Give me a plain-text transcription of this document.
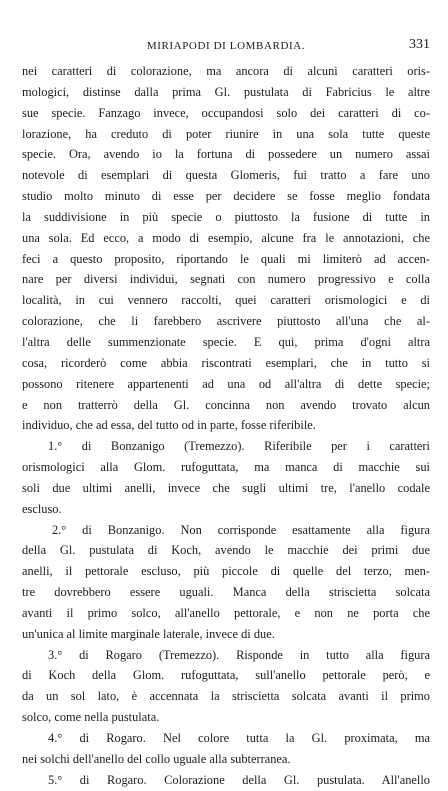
MIRIAPODI DI LOMBARDIA.	331
nei caratteri di colorazione, ma ancora di alcuni caratteri oris-
mologici, distinse dalla prima Gl. pustulata di Fabricius le altre
sue specie. Fanzago invece, occupandosi solo dei caratteri di co-
lorazione, ha creduto di poter riunire in una sola tutte queste
specie. Ora, avendo io la fortuna di possedere un numero assai
notevole di esemplari di questa Glomeris, fui tratto a fare uno
studio molto minuto di esse per decidere se fosse meglio fondata
la suddivisione in più specie o piuttosto la fusione di tutte in
una sola. Ed ecco, a modo di esempio, alcune fra le annotazioni, che
feci a questo proposito, riportando le quali mi limiterò ad accen-
nare per diversi individui, segnati con numero progressivo e colla
località, in cui vennero raccolti, quei caratteri orismologici e di
colorazione, che li farebbero ascrivere piuttosto all'una che al-
l'altra delle summenzionate specie. E qui, prima d'ogni altra
cosa, ricorderò come abbia riscontrati esemplari, che in tutto si
possono ritenere appartenenti ad una od all'altra di dette specie;
e non tratterrò della Gl. concinna non avendo trovato alcun
individuo, che ad essa, del tutto od in parte, fosse riferibile.
1.° di Bonzanigo (Tremezzo). Riferibile per i caratteri
orismologici alla Glom. rufoguttata, ma manca di macchie sui
soli due ultimi anelli, invece che sugli ultimi tre, l'anello codale
escluso.
2.° di Bonzanigo. Non corrisponde esattamente alla figura
della Gl. pustulata di Koch, avendo le macchie dei primi due
anelli, il pettorale escluso, più piccole di quelle del terzo, men-
tre dovrebbero essere uguali. Manca della striscietta solcata
avanti il primo solco, all'anello pettorale, e non ne porta che
un'unica al limite marginale laterale, invece di due.
3.° di Rogaro (Tremezzo). Risponde in tutto alla figura
di Koch della Glom. rufoguttata, sull'anello pettorale però, e
da un sol lato, è accennata la striscietta solcata avanti il primo
solco, come nella pustulata.
4.° di Rogaro. Nel colore tutta la Gl. proximata, ma
nei solchi dell'anello del collo uguale alla subterranea.
5.° di Rogaro. Colorazione della Gl. pustulata. All'anello
